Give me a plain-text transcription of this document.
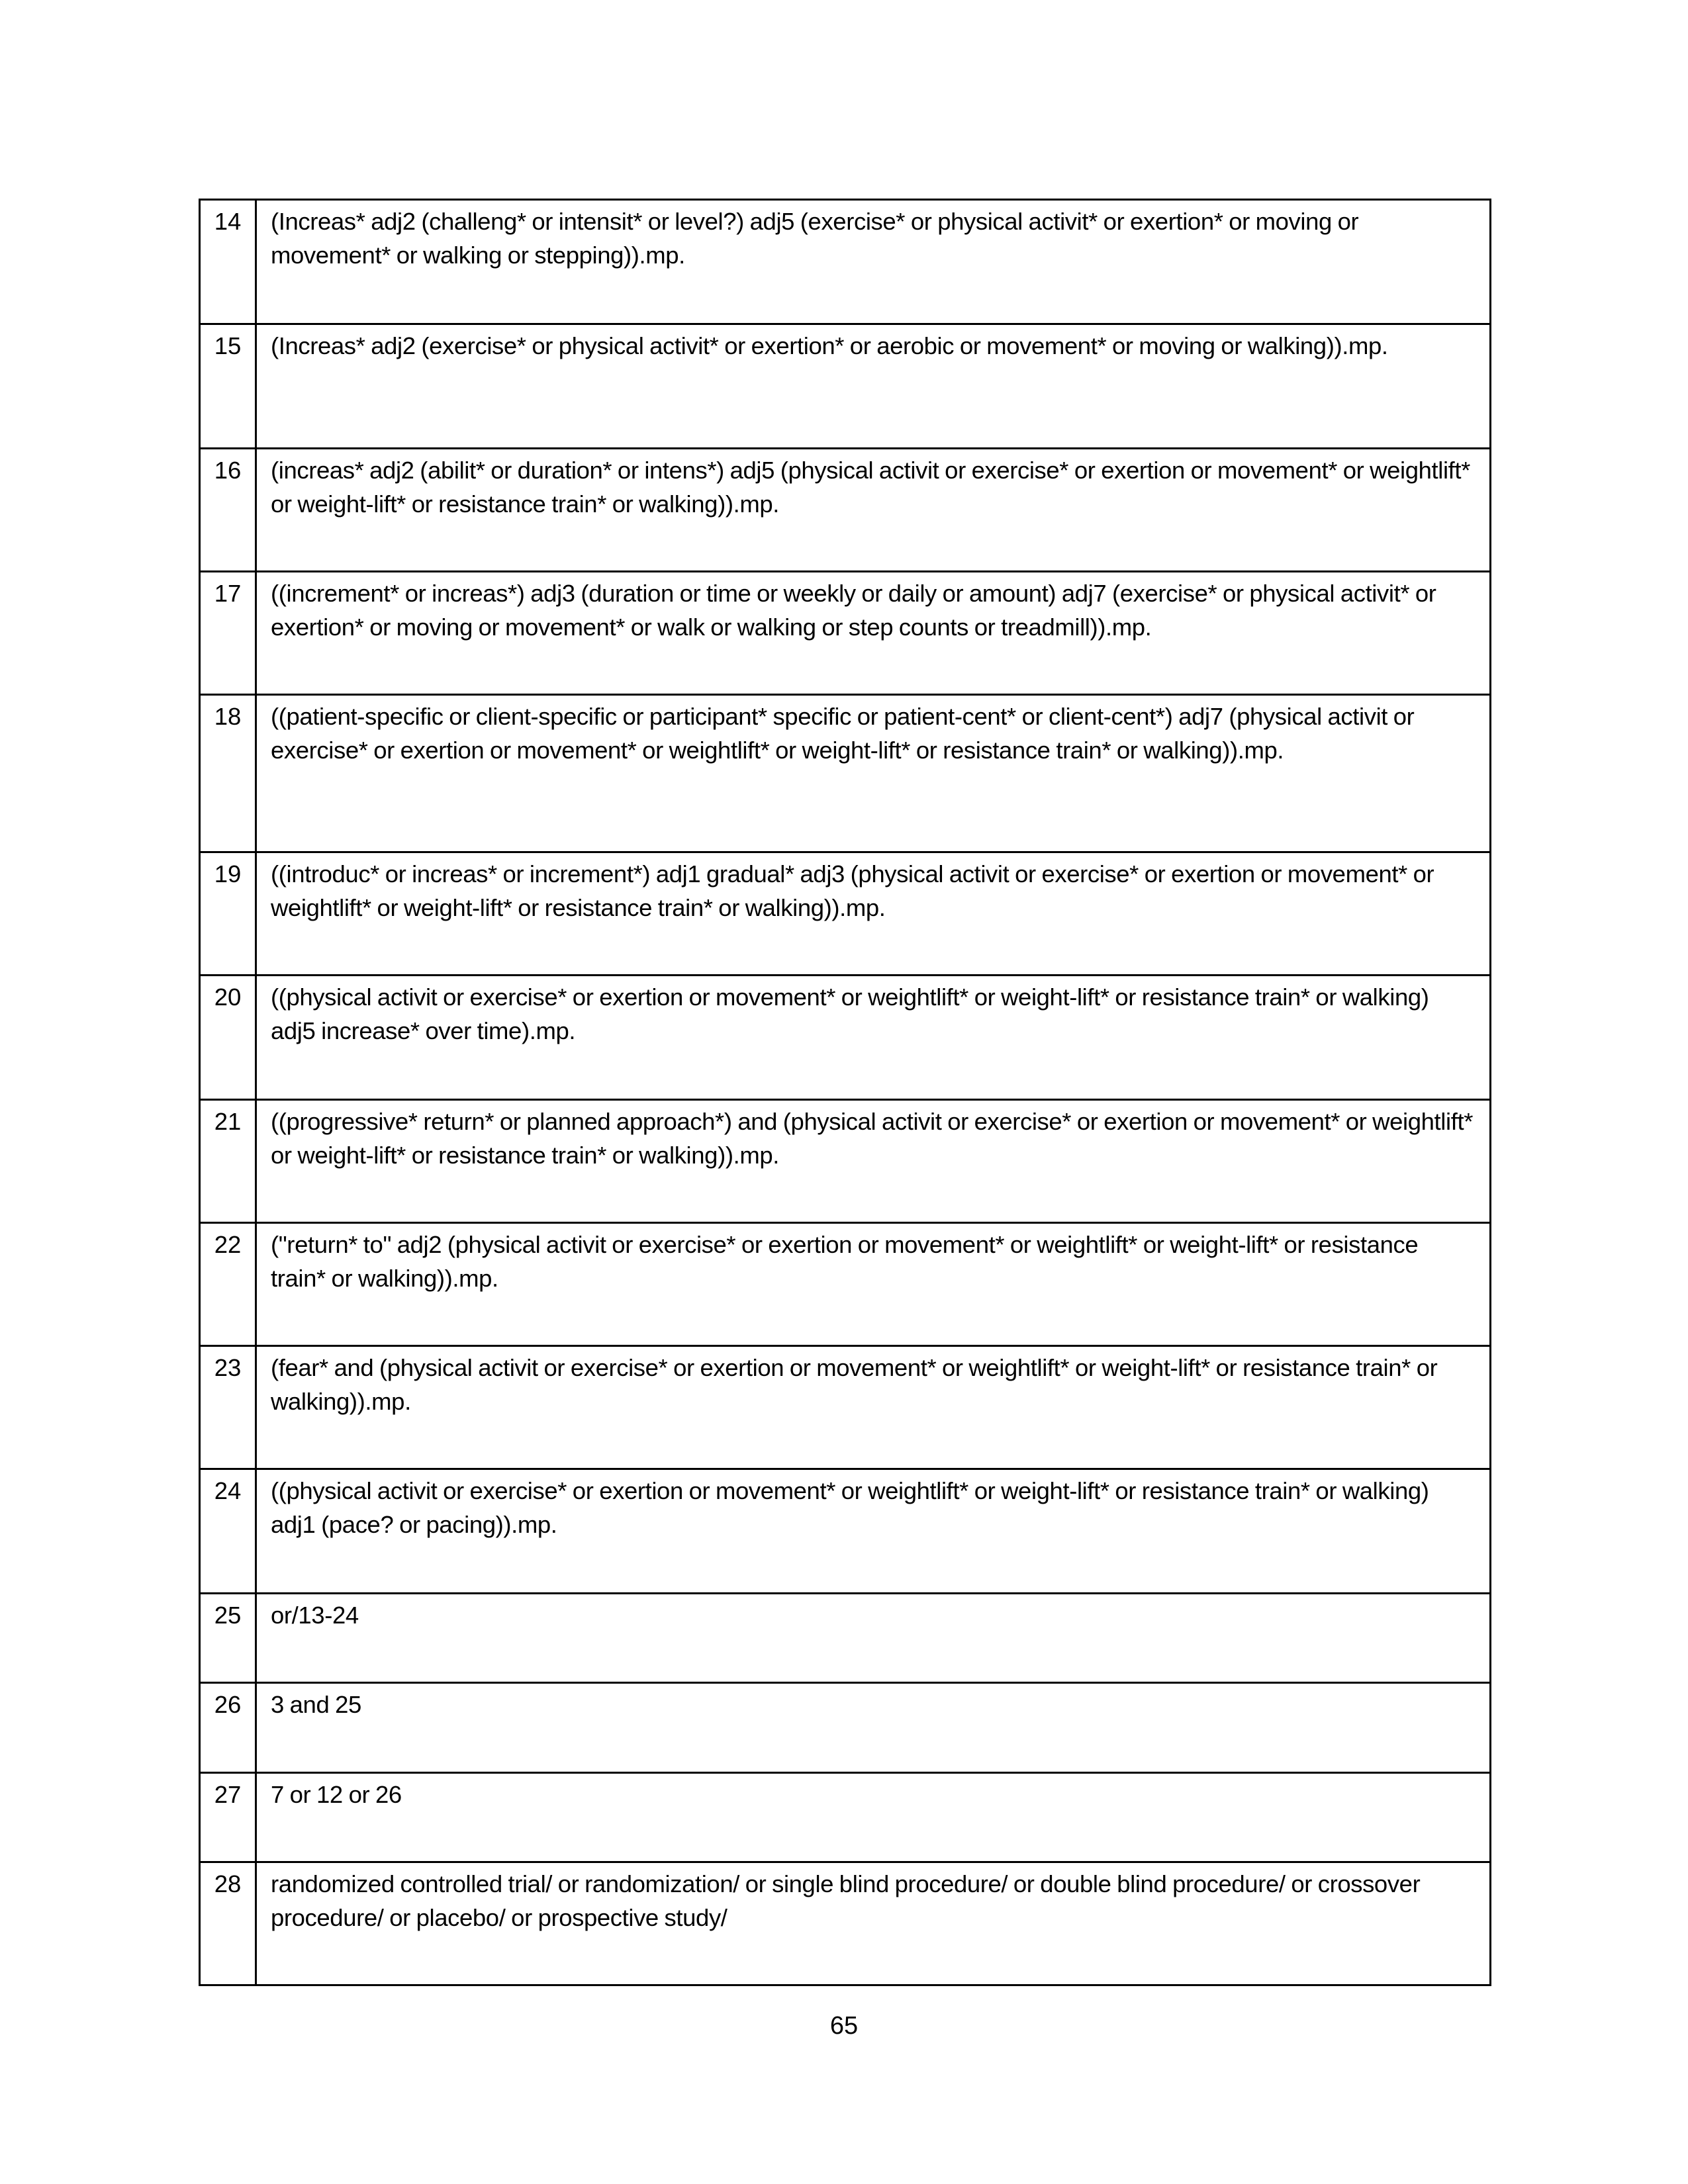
14	(Increas* adj2 (challeng* or intensit* or level?) adj5 (exercise* or physical activit* or exertion* or moving or movement* or walking or stepping)).mp.
15	(Increas* adj2 (exercise* or physical activit* or exertion* or aerobic or movement* or moving or walking)).mp.
16	(increas* adj2 (abilit* or duration* or intens*) adj5 (physical activit or exercise* or exertion or movement* or weightlift* or weight-lift* or resistance train* or walking)).mp.
17	((increment* or increas*) adj3 (duration or time or weekly or daily or amount) adj7 (exercise* or physical activit* or exertion* or moving or movement* or walk or walking or step counts or treadmill)).mp.
18	((patient-specific or client-specific or participant* specific or patient-cent* or client-cent*) adj7 (physical activit or exercise* or exertion or movement* or weightlift* or weight-lift* or resistance train* or walking)).mp.
19	((introduc* or increas* or increment*) adj1 gradual* adj3 (physical activit or exercise* or exertion or movement* or weightlift* or weight-lift* or resistance train* or walking)).mp.
20	((physical activit or exercise* or exertion or movement* or weightlift* or weight-lift* or resistance train* or walking) adj5 increase* over time).mp.
21	((progressive* return* or planned approach*) and (physical activit or exercise* or exertion or movement* or weightlift* or weight-lift* or resistance train* or walking)).mp.
22	("return* to" adj2 (physical activit or exercise* or exertion or movement* or weightlift* or weight-lift* or resistance train* or walking)).mp.
23	(fear* and (physical activit or exercise* or exertion or movement* or weightlift* or weight-lift* or resistance train* or walking)).mp.
24	((physical activit or exercise* or exertion or movement* or weightlift* or weight-lift* or resistance train* or walking) adj1 (pace? or pacing)).mp.
25	or/13-24
26	3 and 25
27	7 or 12 or 26
28	randomized controlled trial/ or randomization/ or single blind procedure/ or double blind procedure/ or crossover procedure/ or placebo/ or prospective study/
65
